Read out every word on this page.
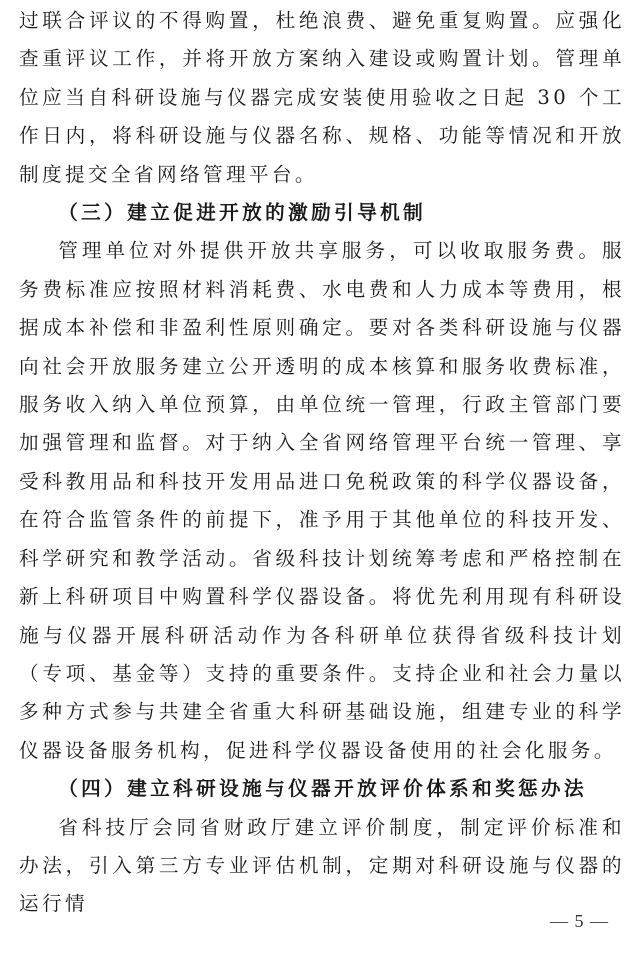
过联合评议的不得购置，杜绝浪费、避免重复购置。应强化查重评议工作，并将开放方案纳入建设或购置计划。管理单位应当自科研设施与仪器完成安装使用验收之日起 30 个工作日内，将科研设施与仪器名称、规格、功能等情况和开放制度提交全省网络管理平台。

（三）建立促进开放的激励引导机制

管理单位对外提供开放共享服务，可以收取服务费。服务费标准应按照材料消耗费、水电费和人力成本等费用，根据成本补偿和非盈利性原则确定。要对各类科研设施与仪器向社会开放服务建立公开透明的成本核算和服务收费标准，服务收入纳入单位预算，由单位统一管理，行政主管部门要加强管理和监督。对于纳入全省网络管理平台统一管理、享受科教用品和科技开发用品进口免税政策的科学仪器设备，在符合监管条件的前提下，准予用于其他单位的科技开发、科学研究和教学活动。省级科技计划统筹考虑和严格控制在新上科研项目中购置科学仪器设备。将优先利用现有科研设施与仪器开展科研活动作为各科研单位获得省级科技计划（专项、基金等）支持的重要条件。支持企业和社会力量以多种方式参与共建全省重大科研基础设施，组建专业的科学仪器设备服务机构，促进科学仪器设备使用的社会化服务。

（四）建立科研设施与仪器开放评价体系和奖惩办法

省科技厅会同省财政厅建立评价制度，制定评价标准和办法，引入第三方专业评估机制，定期对科研设施与仪器的运行情

— 5 —
